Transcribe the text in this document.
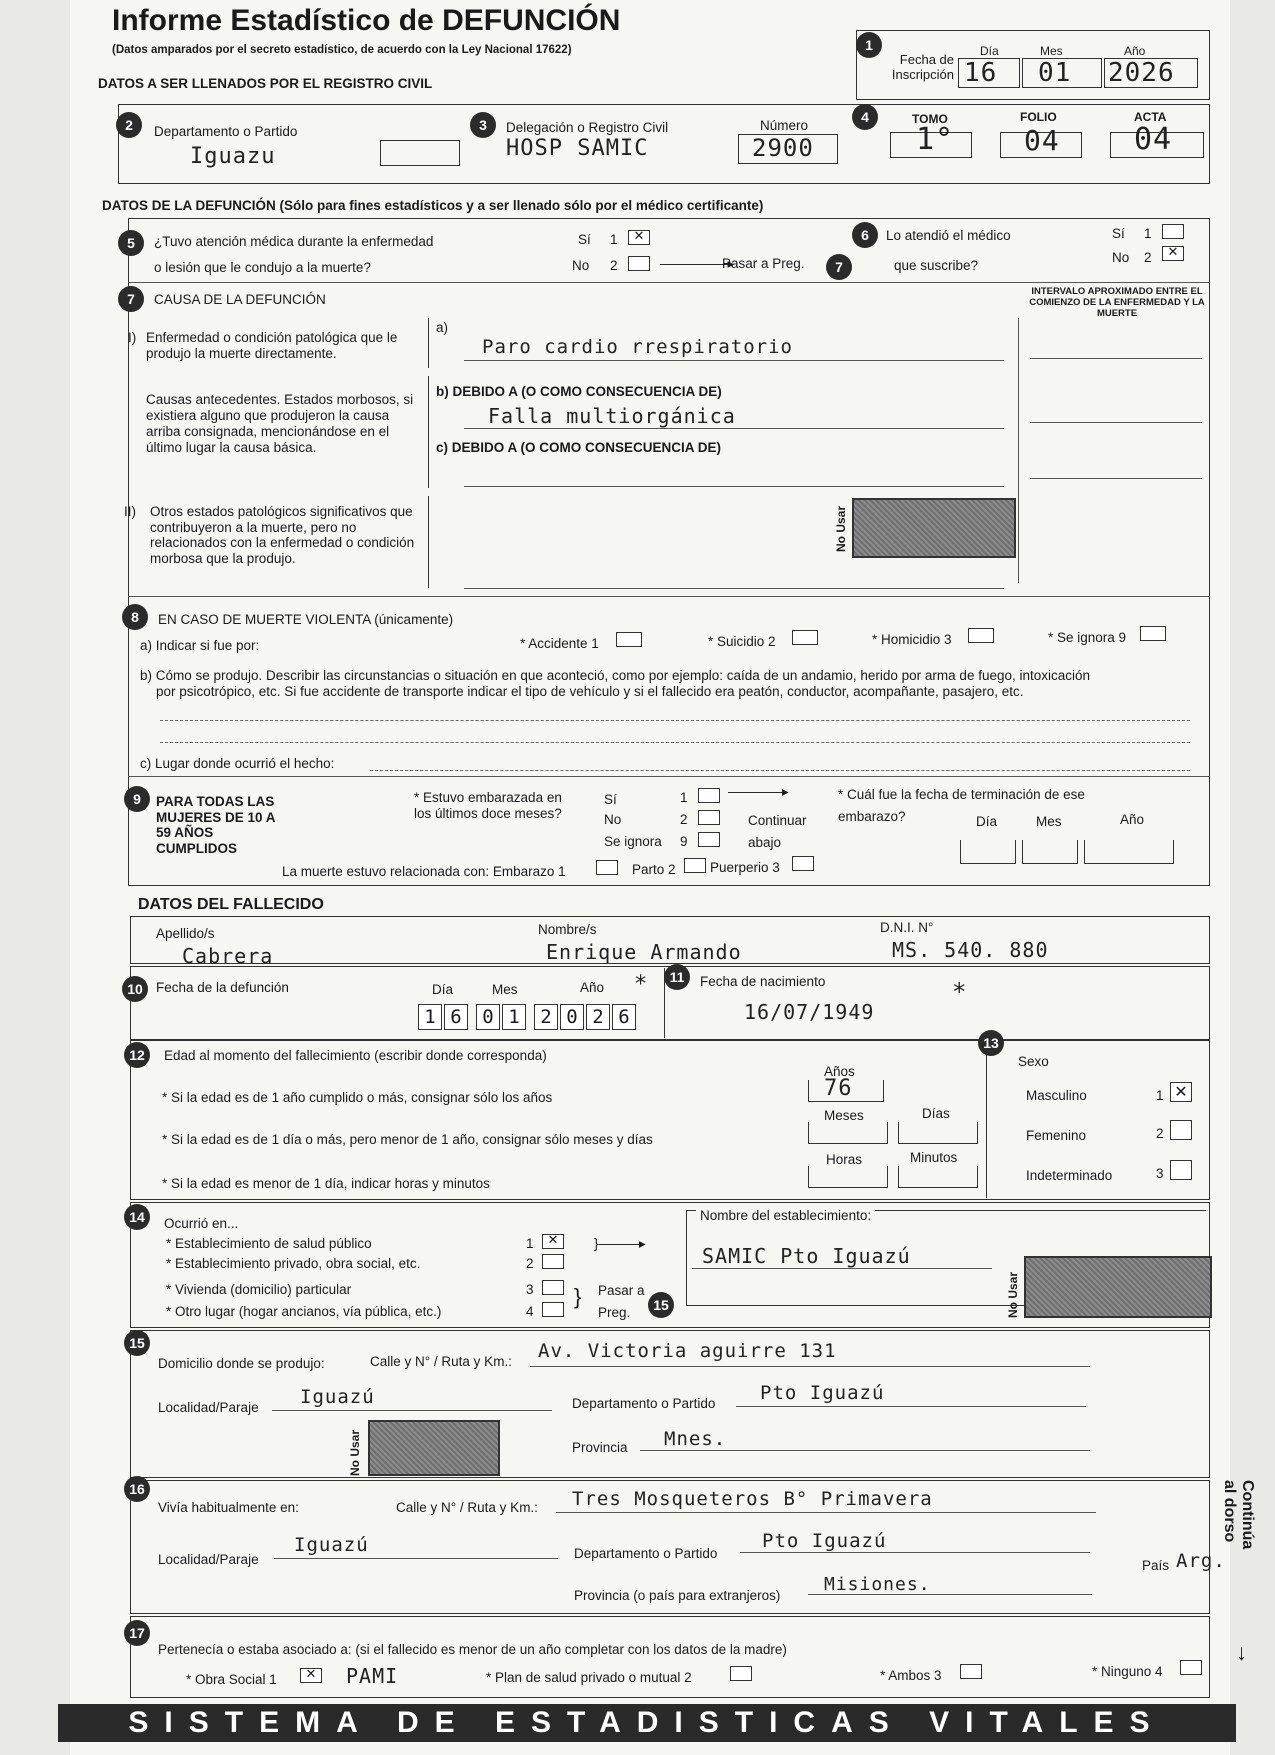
Informe Estadístico de DEFUNCIÓN
(Datos amparados por el secreto estadístico, de acuerdo con la Ley Nacional 17622)
DATOS A SER LLENADOS POR EL REGISTRO CIVIL
1
Fecha de Inscripción
Día	Mes	Año
16 01 2026
2	Departamento o Partido
Iguazu
3	Delegación o Registro Civil
HOSP SAMIC
Número
2900
4	TOMO	FOLIO	ACTA
1° 04 04
DATOS DE LA DEFUNCIÓN (Sólo para fines estadísticos y a ser llenado sólo por el médico certificante)
5	¿Tuvo atención médica durante la enfermedad
o lesión que le condujo a la muerte?
Sí 1	✕
No 2	—————▸
Pasar a Preg.	7
6	Lo atendió el médico
que suscribe?
Sí 1
No 2	✕
7	CAUSA DE LA DEFUNCIÓN
INTERVALO APROXIMADO ENTRE EL COMIENZO DE LA ENFERMEDAD Y LA MUERTE
I) Enfermedad o condición patológica que le produjo la muerte directamente.
a)
Paro cardio rrespiratorio
Causas antecedentes. Estados morbosos, si existiera alguno que produjeron la causa arriba consignada, mencionándose en el último lugar la causa básica.
b) DEBIDO A (O COMO CONSECUENCIA DE)
Falla multiorgánica
c) DEBIDO A (O COMO CONSECUENCIA DE)
II) Otros estados patológicos significativos que contribuyeron a la muerte, pero no relacionados con la enfermedad o condición morbosa que la produjo.
No Usar
8	EN CASO DE MUERTE VIOLENTA (únicamente)
a) Indicar si fue por:	* Accidente 1	* Suicidio 2	* Homicidio 3	* Se ignora 9
b) Cómo se produjo. Describir las circunstancias o situación en que aconteció, como por ejemplo: caída de un andamio, herido por arma de fuego, intoxicación
por psicotrópico, etc. Si fue accidente de transporte indicar el tipo de vehículo y si el fallecido era peatón, conductor, acompañante, pasajero, etc.
c) Lugar donde ocurrió el hecho:
9	PARA TODAS LAS MUJERES DE 10 A 59 AÑOS CUMPLIDOS
* Estuvo embarazada en los últimos doce meses?
Sí	1	————▸
No	2
Se ignora 9
Continuar abajo
* Cuál fue la fecha de terminación de ese embarazo?	Día	Mes	Año
La muerte estuvo relacionada con: Embarazo 1	Parto 2	Puerperio 3
DATOS DEL FALLECIDO
Apellido/s
Cabrera
Nombre/s
Enrique Armando
D.N.I. N°
MS. 540. 880
10 Fecha de la defunción	Día	Mes	Año *
1 6	0 1	2 0 2 6
11	Fecha de nacimiento
16/07/1949
*
12	Edad al momento del fallecimiento (escribir donde corresponda)
* Si la edad es de 1 año cumplido o más, consignar sólo los años
* Si la edad es de 1 día o más, pero menor de 1 año, consignar sólo meses y días
* Si la edad es menor de 1 día, indicar horas y minutos
Años
76
Meses	Días
Horas	Minutos
13
Sexo
Masculino	1 ✕
Femenino	2
Indeterminado	3
14	Ocurrió en...
* Establecimiento de salud público
* Establecimiento privado, obra social, etc.
* Vivienda (domicilio) particular
* Otro lugar (hogar ancianos, vía pública, etc.)
1	✕
2
3
4
}———▸
} Pasar a Preg.	15
Nombre del establecimiento:
SAMIC Pto Iguazú
No Usar
15
Domicilio donde se produjo:	Calle y N° / Ruta y Km.: Av. Victoria aguirre 131
Localidad/Paraje Iguazú	Departamento o Partido Pto Iguazú
Provincia Mnes.
No Usar
16
Vivía habitualmente en:	Calle y N° / Ruta y Km.: Tres Mosqueteros B° Primavera
Localidad/Paraje
Iguazú	Departamento o Partido
Pto Iguazú
País Arg.
Provincia (o país para extranjeros)
Misiones.
17
Pertenecía o estaba asociado a: (si el fallecido es menor de un año completar con los datos de la madre)
* Obra Social 1	✕ PAMI	* Plan de salud privado o mutual 2	* Ambos 3	* Ninguno 4
Continúa al dorso
↓
SISTEMA DE ESTADISTICAS VITALES
